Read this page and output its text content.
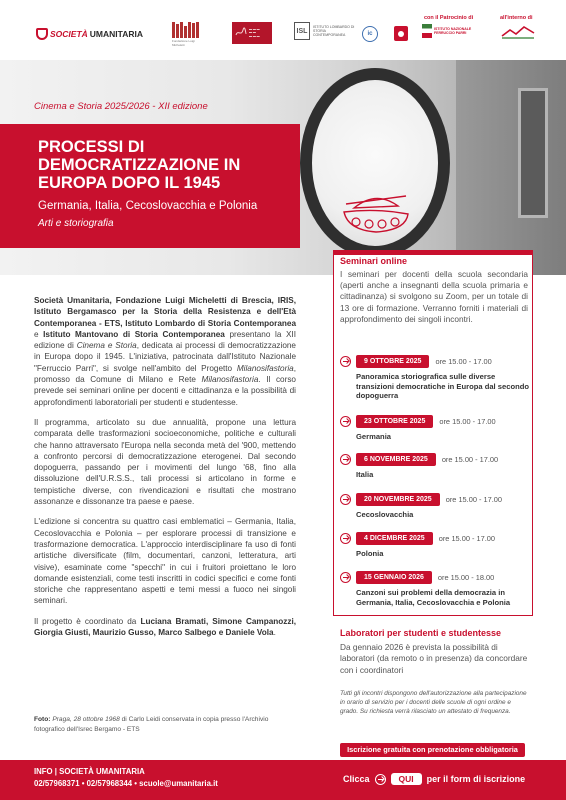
SOCIETÀ UMANITARIA
Fondazione Luigi Micheletti
▬ ▬ ▬
▬ ▬
▬ ▬ ▬
ISL
ISTITUTO LOMBARDO DI STORIA CONTEMPORANEA	ic
con il Patrocinio di
ISTITUTO NAZIONALE FERRUCCIO PARRI
all'interno di
Cinema e Storia 2025/2026 - XII edizione
PROCESSI DI DEMOCRATIZZAZIONE IN EUROPA DOPO IL 1945
Germania, Italia, Cecoslovacchia e Polonia
Arti e storiografia

Società Umanitaria, Fondazione Luigi Micheletti di Brescia, IRIS, Istituto Bergamasco per la Storia della Resistenza e dell'Età Contemporanea - ETS, Istituto Lombardo di Storia Contemporanea e Istituto Mantovano di Storia Contemporanea presentano la XII edizione di Cinema e Storia, dedicata ai processi di democratizzazione in Europa dopo il 1945. L'iniziativa, patrocinata dall'Istituto Nazionale "Ferruccio Parri", si svolge nell'ambito del Progetto Milanosifastoria, promosso da Comune di Milano e Rete Milanosifastoria. Il corso prevede sei seminari online per docenti e cittadinanza e la possibilità di approfondimenti laboratoriali per studenti e studentesse.

Il programma, articolato su due annualità, propone una lettura comparata delle trasformazioni socioeconomiche, politiche e culturali che hanno attraversato l'Europa nella seconda metà del '900, mettendo a confronto percorsi di democratizzazione eterogenei. Dal secondo dopoguerra, passando per i movimenti del lungo '68, fino alla dissoluzione dell'U.R.S.S., tali processi si articolano in forme e tempistiche diverse, con rivendicazioni e risultati che mostrano assonanze e dissonanze tra paese e paese.

L'edizione si concentra su quattro casi emblematici – Germania, Italia, Cecoslovacchia e Polonia – per esplorare processi di transizione e trasformazione democratica. L'approccio interdisciplinare fa uso di fonti artistiche diversificate (film, documentari, canzoni, letteratura, arti visive), esaminate come "specchi" in cui i fruitori proiettano le loro domande esistenziali, come testi inscritti in codici specifici e come fonti storiche che rappresentano aspetti e temi messi a fuoco nei singoli seminari.

Il progetto è coordinato da Luciana Bramati, Simone Campanozzi, Giorgia Giusti, Maurizio Gusso, Marco Salbego e Daniele Vola.

Foto: Praga, 28 ottobre 1968 di Carlo Leidi conservata in copia presso l'Archivio fotografico dell'Isrec Bergamo - ETS
Seminari online
I seminari per docenti della scuola secondaria (aperti anche a insegnanti della scuola primaria e cittadinanza) si svolgono su Zoom, per un totale di 13 ore di formazione. Verranno forniti i materiali di approfondimento dei singoli incontri.
9 OTTOBRE 2025	ore 15.00 - 17.00
Panoramica storiografica sulle diverse transizioni democratiche in Europa dal secondo dopoguerra
23 OTTOBRE 2025	ore 15.00 - 17.00
Germania
6 NOVEMBRE 2025	ore 15.00 - 17.00
Italia
20 NOVEMBRE 2025	ore 15.00 - 17.00
Cecoslovacchia
4 DICEMBRE 2025	ore 15.00 - 17.00
Polonia
15 GENNAIO 2026	ore 15.00 - 18.00
Canzoni sui problemi della democrazia in Germania, Italia, Cecoslovacchia e Polonia
Laboratori per studenti e studentesse
Da gennaio 2026 è prevista la possibilità di laboratori (da remoto o in presenza) da concordare con i coordinatori
Tutti gli incontri dispongono dell'autorizzazione alla partecipazione in orario di servizio per i docenti delle scuole di ogni ordine e grado. Su richiesta verrà rilasciato un attestato di frequenza.
Iscrizione gratuita con prenotazione obbligatoria
INFO | SOCIETÀ UMANITARIA
02/57968371 • 02/57968344 • scuole@umanitaria.it	Clicca	QUI	per il form di iscrizione
